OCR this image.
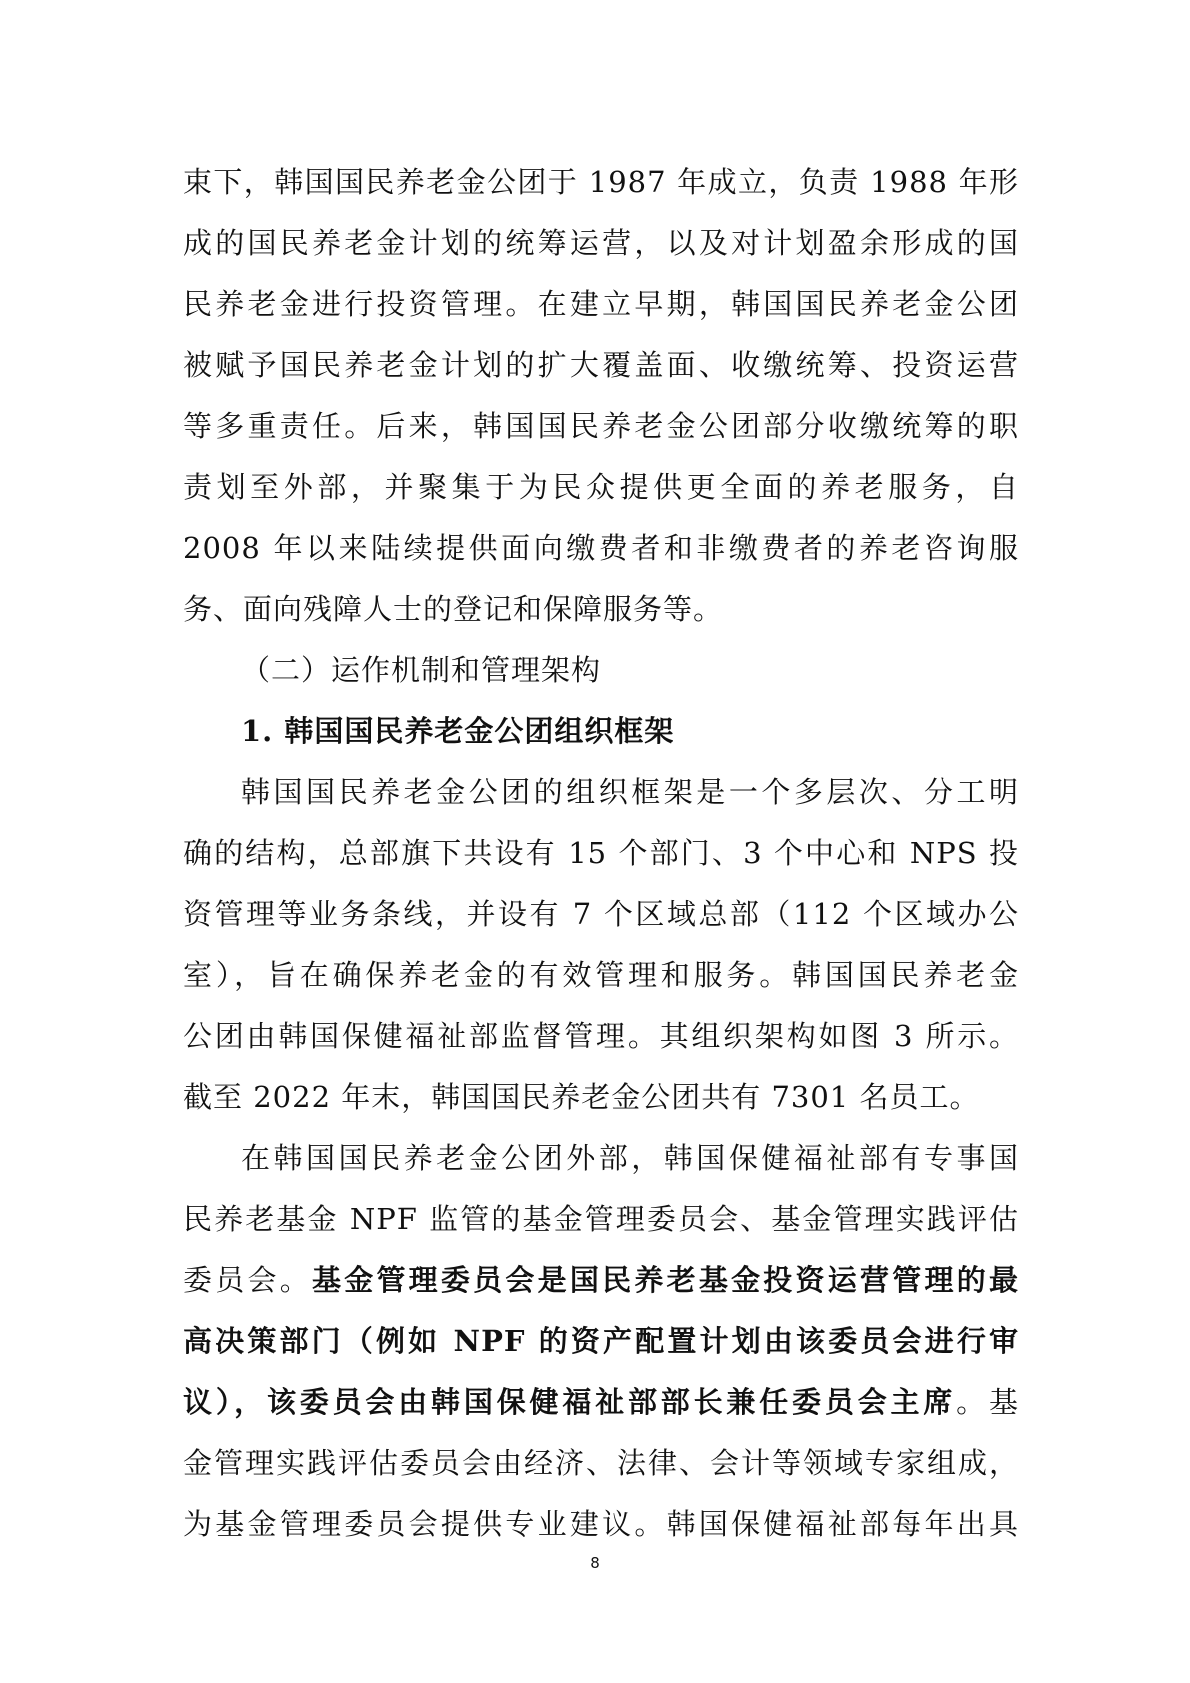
束下，韩国国民养老金公团于 1987 年成立，负责 1988 年形
成的国民养老金计划的统筹运营，以及对计划盈余形成的国
民养老金进行投资管理。在建立早期，韩国国民养老金公团
被赋予国民养老金计划的扩大覆盖面、收缴统筹、投资运营
等多重责任。后来，韩国国民养老金公团部分收缴统筹的职
责划至外部，并聚集于为民众提供更全面的养老服务，自
2008 年以来陆续提供面向缴费者和非缴费者的养老咨询服
务、面向残障人士的登记和保障服务等。
（二）运作机制和管理架构
1. 韩国国民养老金公团组织框架
韩国国民养老金公团的组织框架是一个多层次、分工明
确的结构，总部旗下共设有 15 个部门、3 个中心和 NPS 投
资管理等业务条线，并设有 7 个区域总部（112 个区域办公
室），旨在确保养老金的有效管理和服务。韩国国民养老金
公团由韩国保健福祉部监督管理。其组织架构如图 3 所示。
截至 2022 年末，韩国国民养老金公团共有 7301 名员工。
在韩国国民养老金公团外部，韩国保健福祉部有专事国
民养老基金 NPF 监管的基金管理委员会、基金管理实践评估
委员会。基金管理委员会是国民养老基金投资运营管理的最
高决策部门（例如 NPF 的资产配置计划由该委员会进行审
议），该委员会由韩国保健福祉部部长兼任委员会主席。基
金管理实践评估委员会由经济、法律、会计等领域专家组成，
为基金管理委员会提供专业建议。韩国保健福祉部每年出具
8
